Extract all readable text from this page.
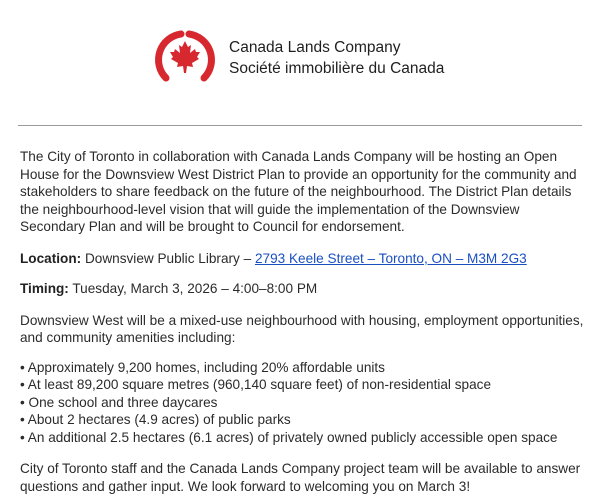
Canada Lands Company
Société immobilière du Canada

The City of Toronto in collaboration with Canada Lands Company will be hosting an Open House for the Downsview West District Plan to provide an opportunity for the community and stakeholders to share feedback on the future of the neighbourhood. The District Plan details the neighbourhood-level vision that will guide the implementation of the Downsview Secondary Plan and will be brought to Council for endorsement.

Location: Downsview Public Library – 2793 Keele Street – Toronto, ON – M3M 2G3

Timing: Tuesday, March 3, 2026 – 4:00–8:00 PM

Downsview West will be a mixed-use neighbourhood with housing, employment opportunities, and community amenities including:

• Approximately 9,200 homes, including 20% affordable units
• At least 89,200 square metres (960,140 square feet) of non-residential space
• One school and three daycares
• About 2 hectares (4.9 acres) of public parks
• An additional 2.5 hectares (6.1 acres) of privately owned publicly accessible open space

City of Toronto staff and the Canada Lands Company project team will be available to answer questions and gather input. We look forward to welcoming you on March 3!
